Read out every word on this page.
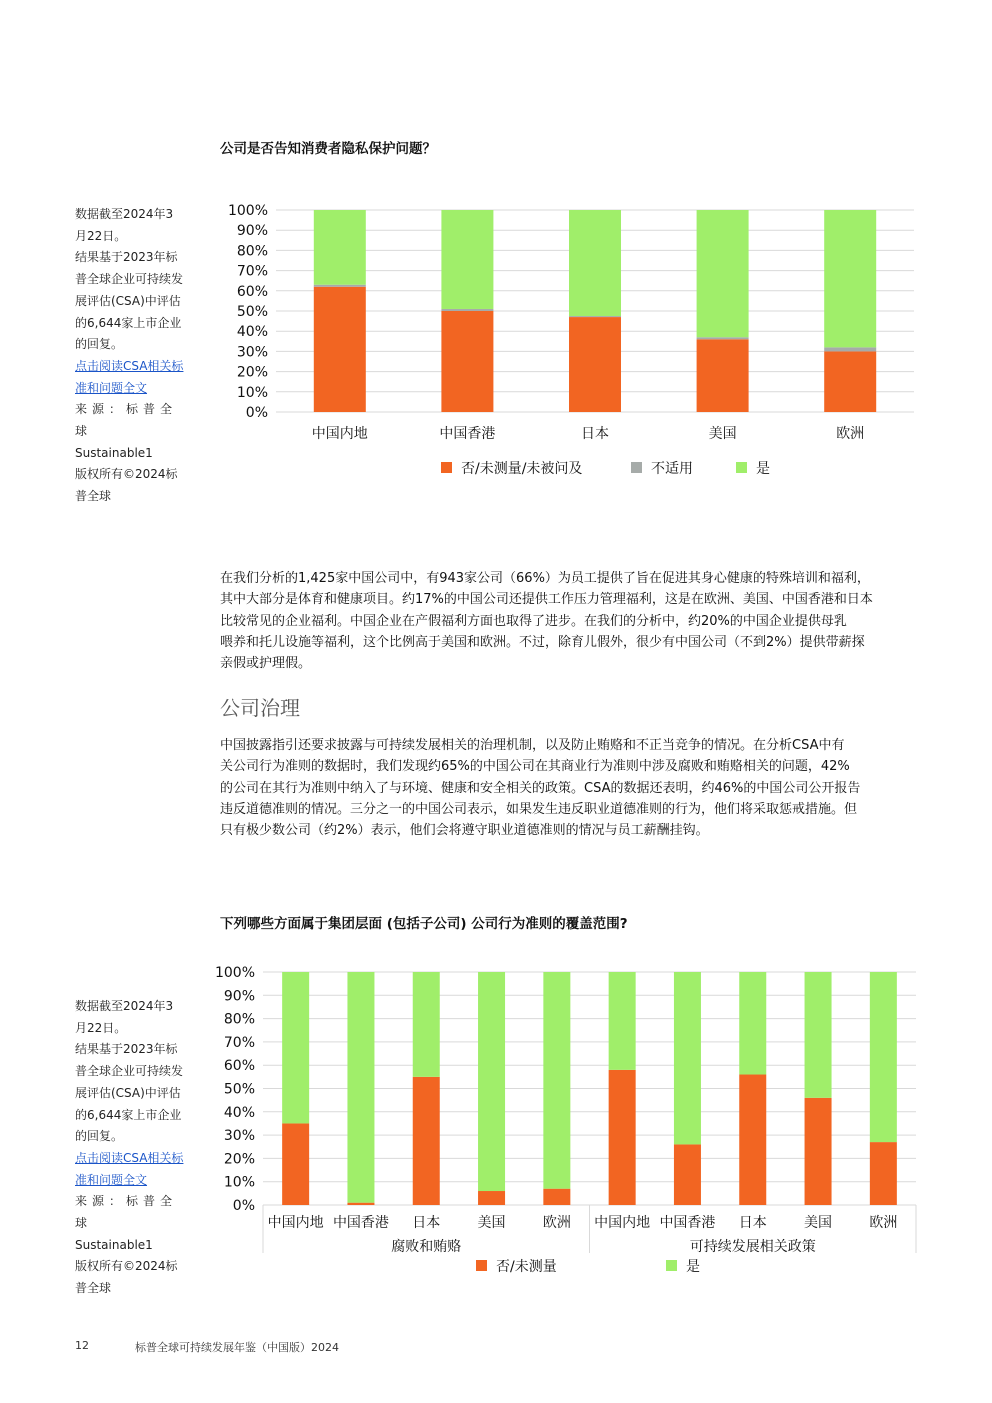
公司是否告知消费者隐私保护问题？
数据截至2024年3
月22日。
结果基于2023年标
普全球企业可持续发
展评估(CSA)中评估
的6,644家上市企业
的回复。
点击阅读CSA相关标
准和问题全文
来源：标普全球
Sustainable1
版权所有©2024标
普全球
0%
10%
20%
30%
40%
50%
60%
70%
80%
90%
100%
中国内地	中国香港	日本	美国	欧洲
否/未测量/未被问及	不适用	是
在我们分析的1,425家中国公司中，有943家公司（66%）为员工提供了旨在促进其身心健康的特殊培训和福利，
其中大部分是体育和健康项目。约17%的中国公司还提供工作压力管理福利，这是在欧洲、美国、中国香港和日本
比较常见的企业福利。中国企业在产假福利方面也取得了进步。在我们的分析中，约20%的中国企业提供母乳
喂养和托儿设施等福利，这个比例高于美国和欧洲。不过，除育儿假外，很少有中国公司（不到2%）提供带薪探
亲假或护理假。
公司治理
中国披露指引还要求披露与可持续发展相关的治理机制，以及防止贿赂和不正当竞争的情况。在分析CSA中有
关公司行为准则的数据时，我们发现约65%的中国公司在其商业行为准则中涉及腐败和贿赂相关的问题，42%
的公司在其行为准则中纳入了与环境、健康和安全相关的政策。CSA的数据还表明，约46%的中国公司公开报告
违反道德准则的情况。三分之一的中国公司表示，如果发生违反职业道德准则的行为，他们将采取惩戒措施。但
只有极少数公司（约2%）表示，他们会将遵守职业道德准则的情况与员工薪酬挂钩。
下列哪些方面属于集团层面 (包括子公司) 公司行为准则的覆盖范围?
数据截至2024年3
月22日。
结果基于2023年标
普全球企业可持续发
展评估(CSA)中评估
的6,644家上市企业
的回复。
点击阅读CSA相关标
准和问题全文
来源：标普全球
Sustainable1
版权所有©2024标
普全球
0%
10%
20%
30%
40%
50%
60%
70%
80%
90%
100%
中国内地 中国香港 日本	美国	欧洲 中国内地 中国香港 日本	美国	欧洲
腐败和贿赂	可持续发展相关政策
否/未测量	是
12	标普全球可持续发展年鉴（中国版）2024
